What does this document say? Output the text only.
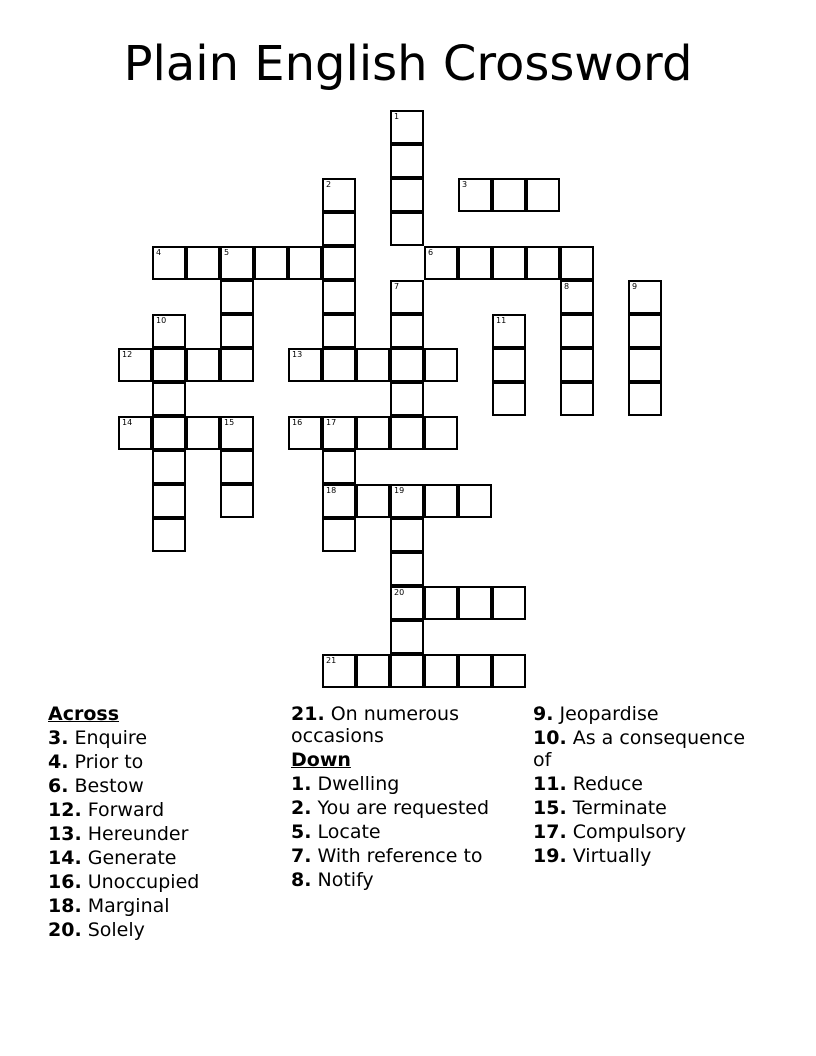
Plain English Crossword
1
2	3
4	5	6
7	8	9
10	11
12	13
14	15	16	17
18	19
20
21
Across
3. Enquire
4. Prior to
6. Bestow
12. Forward
13. Hereunder
14. Generate
16. Unoccupied
18. Marginal
20. Solely
21. On numerous occasions
Down
1. Dwelling
2. You are requested
5. Locate
7. With reference to
8. Notify
9. Jeopardise
10. As a consequence of
11. Reduce
15. Terminate
17. Compulsory
19. Virtually
